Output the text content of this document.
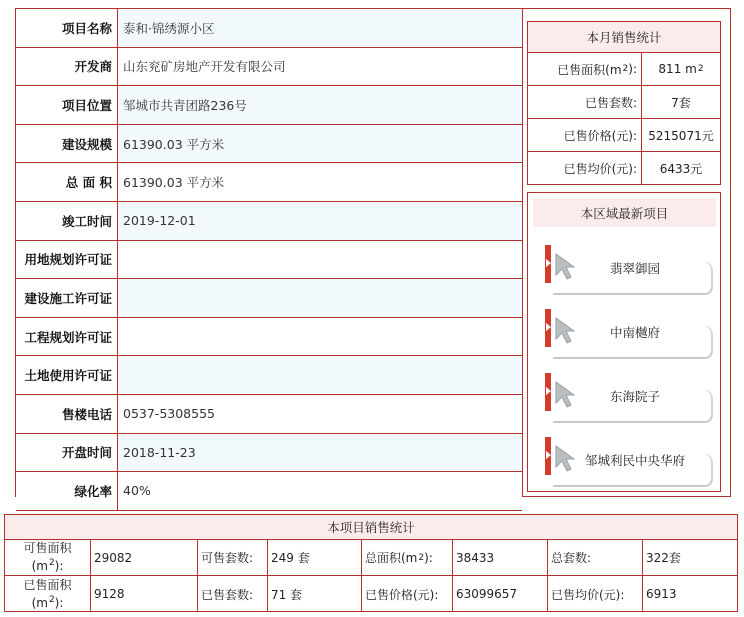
项目名称 泰和·锦绣源小区
开发商 山东兖矿房地产开发有限公司
项目位置 邹城市共青团路236号
建设规模 61390.03 平方米
总 面 积 61390.03 平方米
竣工时间 2019-12-01
用地规划许可证
建设施工许可证
工程规划许可证
土地使用许可证
售楼电话 0537-5308555
开盘时间 2018-11-23
绿化率 40%
本月销售统计
已售面积(m 2 ): 811 m 2
已售套数:	7套
已售价格(元): 5215071元
已售均价(元):	6433元
本区域最新项目
翡翠御园
中南樾府
东海院子
邹城利民中央华府
本项目销售统计
可售面积
$(m^2)$:
29082	可售套数:	249 套	总面积(m 2 ): 38433	总套数:	322套
已售面积
$(m^2)$:
9128	已售套数:	71 套	已售价格(元):	63099657	已售均价(元):	6913
